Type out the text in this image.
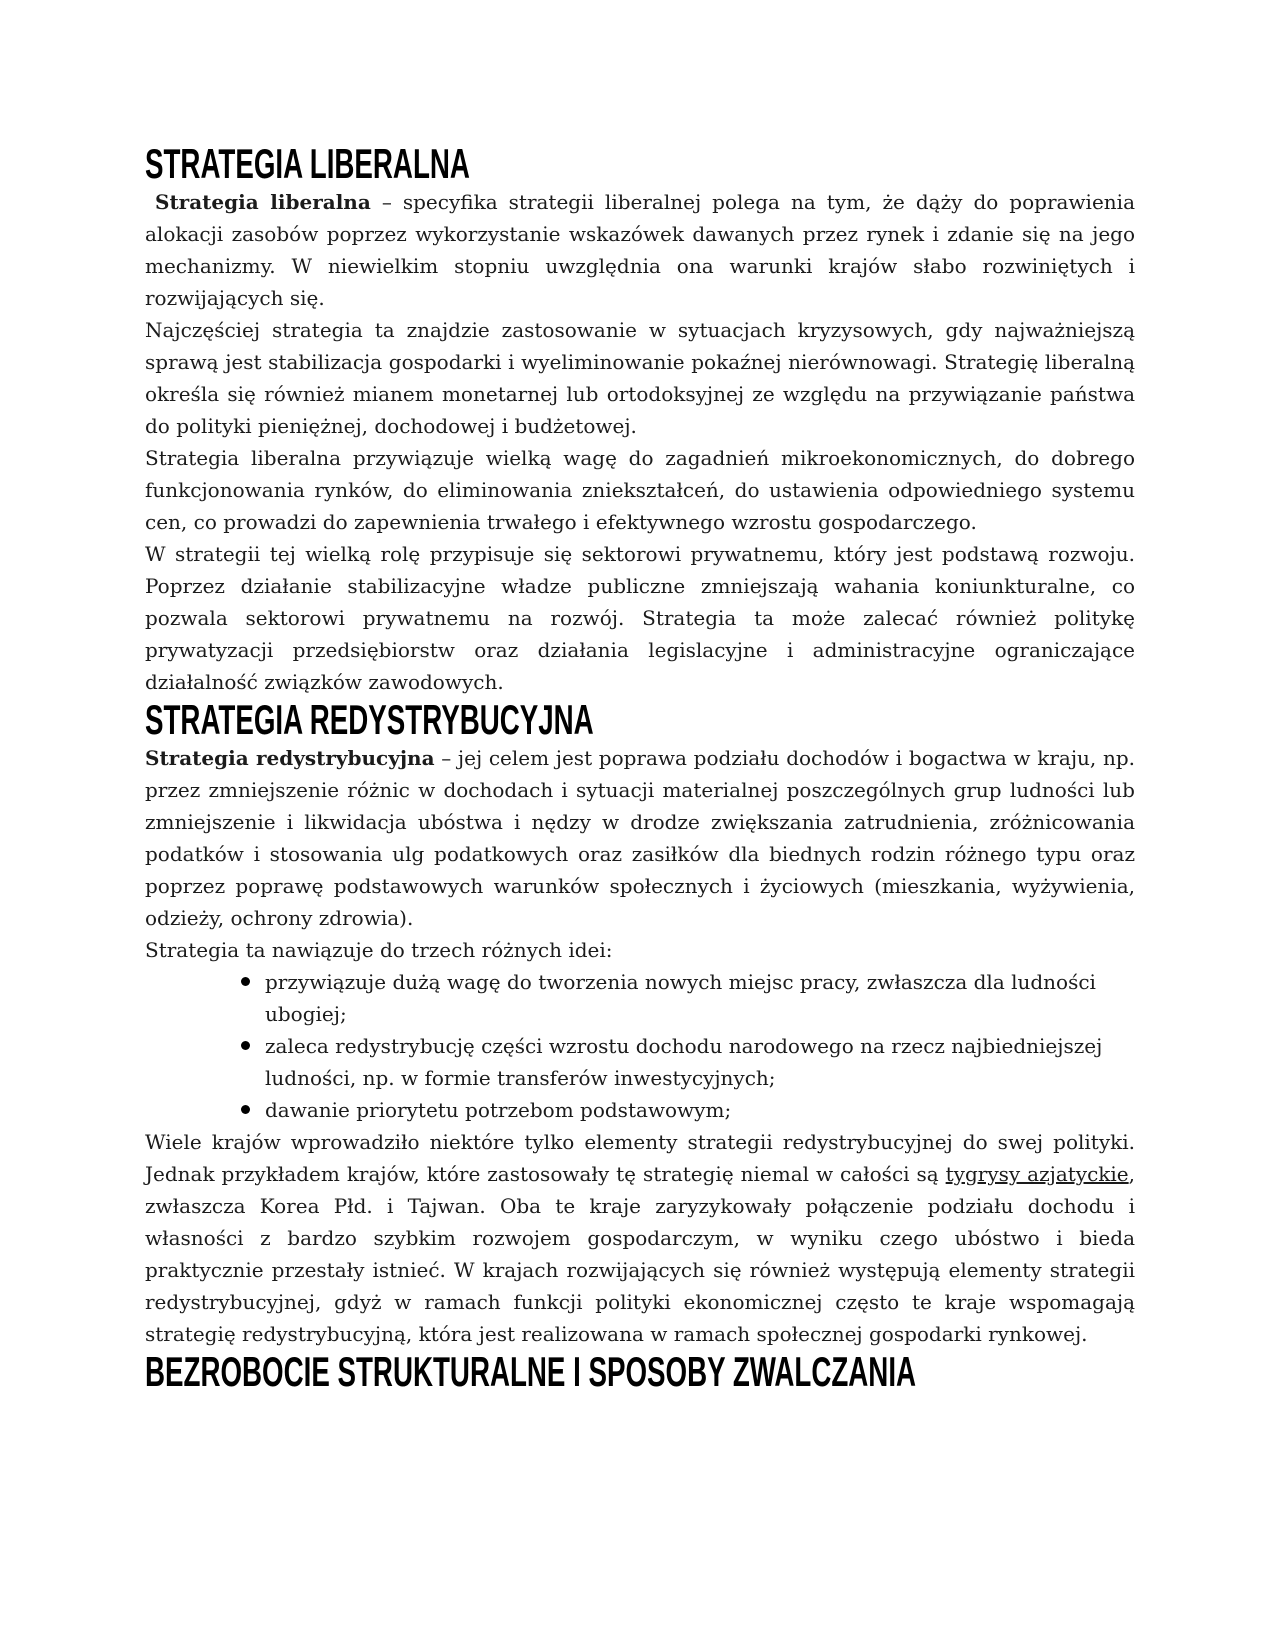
STRATEGIA LIBERALNA

Strategia liberalna – specyfika strategii liberalnej polega na tym, że dąży do poprawienia alokacji zasobów poprzez wykorzystanie wskazówek dawanych przez rynek i zdanie się na jego mechanizmy. W niewielkim stopniu uwzględnia ona warunki krajów słabo rozwiniętych i rozwijających się.

Najczęściej strategia ta znajdzie zastosowanie w sytuacjach kryzysowych, gdy najważniejszą sprawą jest stabilizacja gospodarki i wyeliminowanie pokaźnej nierównowagi. Strategię liberalną określa się również mianem monetarnej lub ortodoksyjnej ze względu na przywiązanie państwa do polityki pieniężnej, dochodowej i budżetowej.

Strategia liberalna przywiązuje wielką wagę do zagadnień mikroekonomicznych, do dobrego funkcjonowania rynków, do eliminowania zniekształceń, do ustawienia odpowiedniego systemu cen, co prowadzi do zapewnienia trwałego i efektywnego wzrostu gospodarczego.

W strategii tej wielką rolę przypisuje się sektorowi prywatnemu, który jest podstawą rozwoju. Poprzez działanie stabilizacyjne władze publiczne zmniejszają wahania koniunkturalne, co pozwala sektorowi prywatnemu na rozwój. Strategia ta może zalecać również politykę prywatyzacji przedsiębiorstw oraz działania legislacyjne i administracyjne ograniczające działalność związków zawodowych.

STRATEGIA REDYSTRYBUCYJNA

Strategia redystrybucyjna – jej celem jest poprawa podziału dochodów i bogactwa w kraju, np. przez zmniejszenie różnic w dochodach i sytuacji materialnej poszczególnych grup ludności lub zmniejszenie i likwidacja ubóstwa i nędzy w drodze zwiększania zatrudnienia, zróżnicowania podatków i stosowania ulg podatkowych oraz zasiłków dla biednych rodzin różnego typu oraz poprzez poprawę podstawowych warunków społecznych i życiowych (mieszkania, wyżywienia, odzieży, ochrony zdrowia).

Strategia ta nawiązuje do trzech różnych idei:

przywiązuje dużą wagę do tworzenia nowych miejsc pracy, zwłaszcza dla ludności ubogiej;
zaleca redystrybucję części wzrostu dochodu narodowego na rzecz najbiedniejszej ludności, np. w formie transferów inwestycyjnych;
dawanie priorytetu potrzebom podstawowym;

Wiele krajów wprowadziło niektóre tylko elementy strategii redystrybucyjnej do swej polityki. Jednak przykładem krajów, które zastosowały tę strategię niemal w całości są tygrysy azjatyckie, zwłaszcza Korea Płd. i Tajwan. Oba te kraje zaryzykowały połączenie podziału dochodu i własności z bardzo szybkim rozwojem gospodarczym, w wyniku czego ubóstwo i bieda praktycznie przestały istnieć. W krajach rozwijających się również występują elementy strategii redystrybucyjnej, gdyż w ramach funkcji polityki ekonomicznej często te kraje wspomagają strategię redystrybucyjną, która jest realizowana w ramach społecznej gospodarki rynkowej.

BEZROBOCIE STRUKTURALNE I SPOSOBY ZWALCZANIA
